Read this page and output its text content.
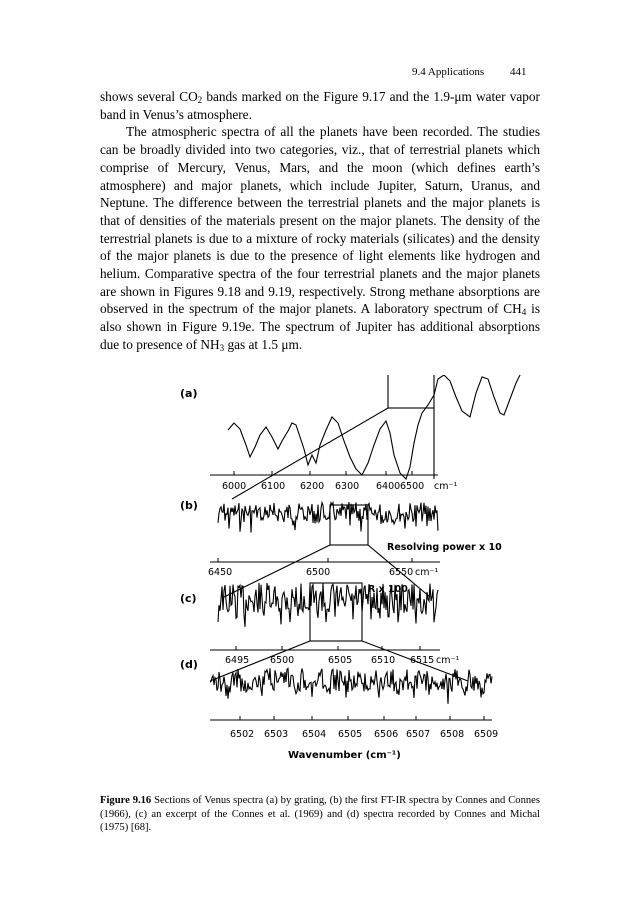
9.4 Applications 441

shows several $CO_2$ bands marked on the Figure 9.17 and the 1.9-μm water vapor band in Venus’s atmosphere.

The atmospheric spectra of all the planets have been recorded. The studies can be broadly divided into two categories, viz., that of terrestrial planets which comprise of Mercury, Venus, Mars, and the moon (which defines earth’s atmosphere) and major planets, which include Jupiter, Saturn, Uranus, and Neptune. The difference between the terrestrial planets and the major planets is that of densities of the materials present on the major planets. The density of the terrestrial planets is due to a mixture of rocky materials (silicates) and the density of the major planets is due to the presence of light elements like hydrogen and helium. Comparative spectra of the four terrestrial planets and the major planets are shown in Figures 9.18 and 9.19, respectively. Strong methane absorptions are observed in the spectrum of the major planets. A laboratory spectrum of $CH_4$ is also shown in Figure 9.19e. The spectrum of Jupiter has additional absorptions due to presence of $NH_3$ gas at 1.5 μm.

(a)
(b)
(c)
(d)
6000 6100 6200 6300 6400 6500 cm⁻¹
Resolving power x 10
6450	6500	6550 cm⁻¹
R x 100
6495 6500	6505 6510 6515 cm⁻¹
6502 6503 6504 6505 6506 6507 6508 6509
Wavenumber (cm⁻¹)
Figure 9.16 Sections of Venus spectra (a) by grating, (b) the first FT-IR spectra by Connes and Connes (1966), (c) an excerpt of the Connes et al. (1969) and (d) spectra recorded by Connes and Michal (1975) [68].
